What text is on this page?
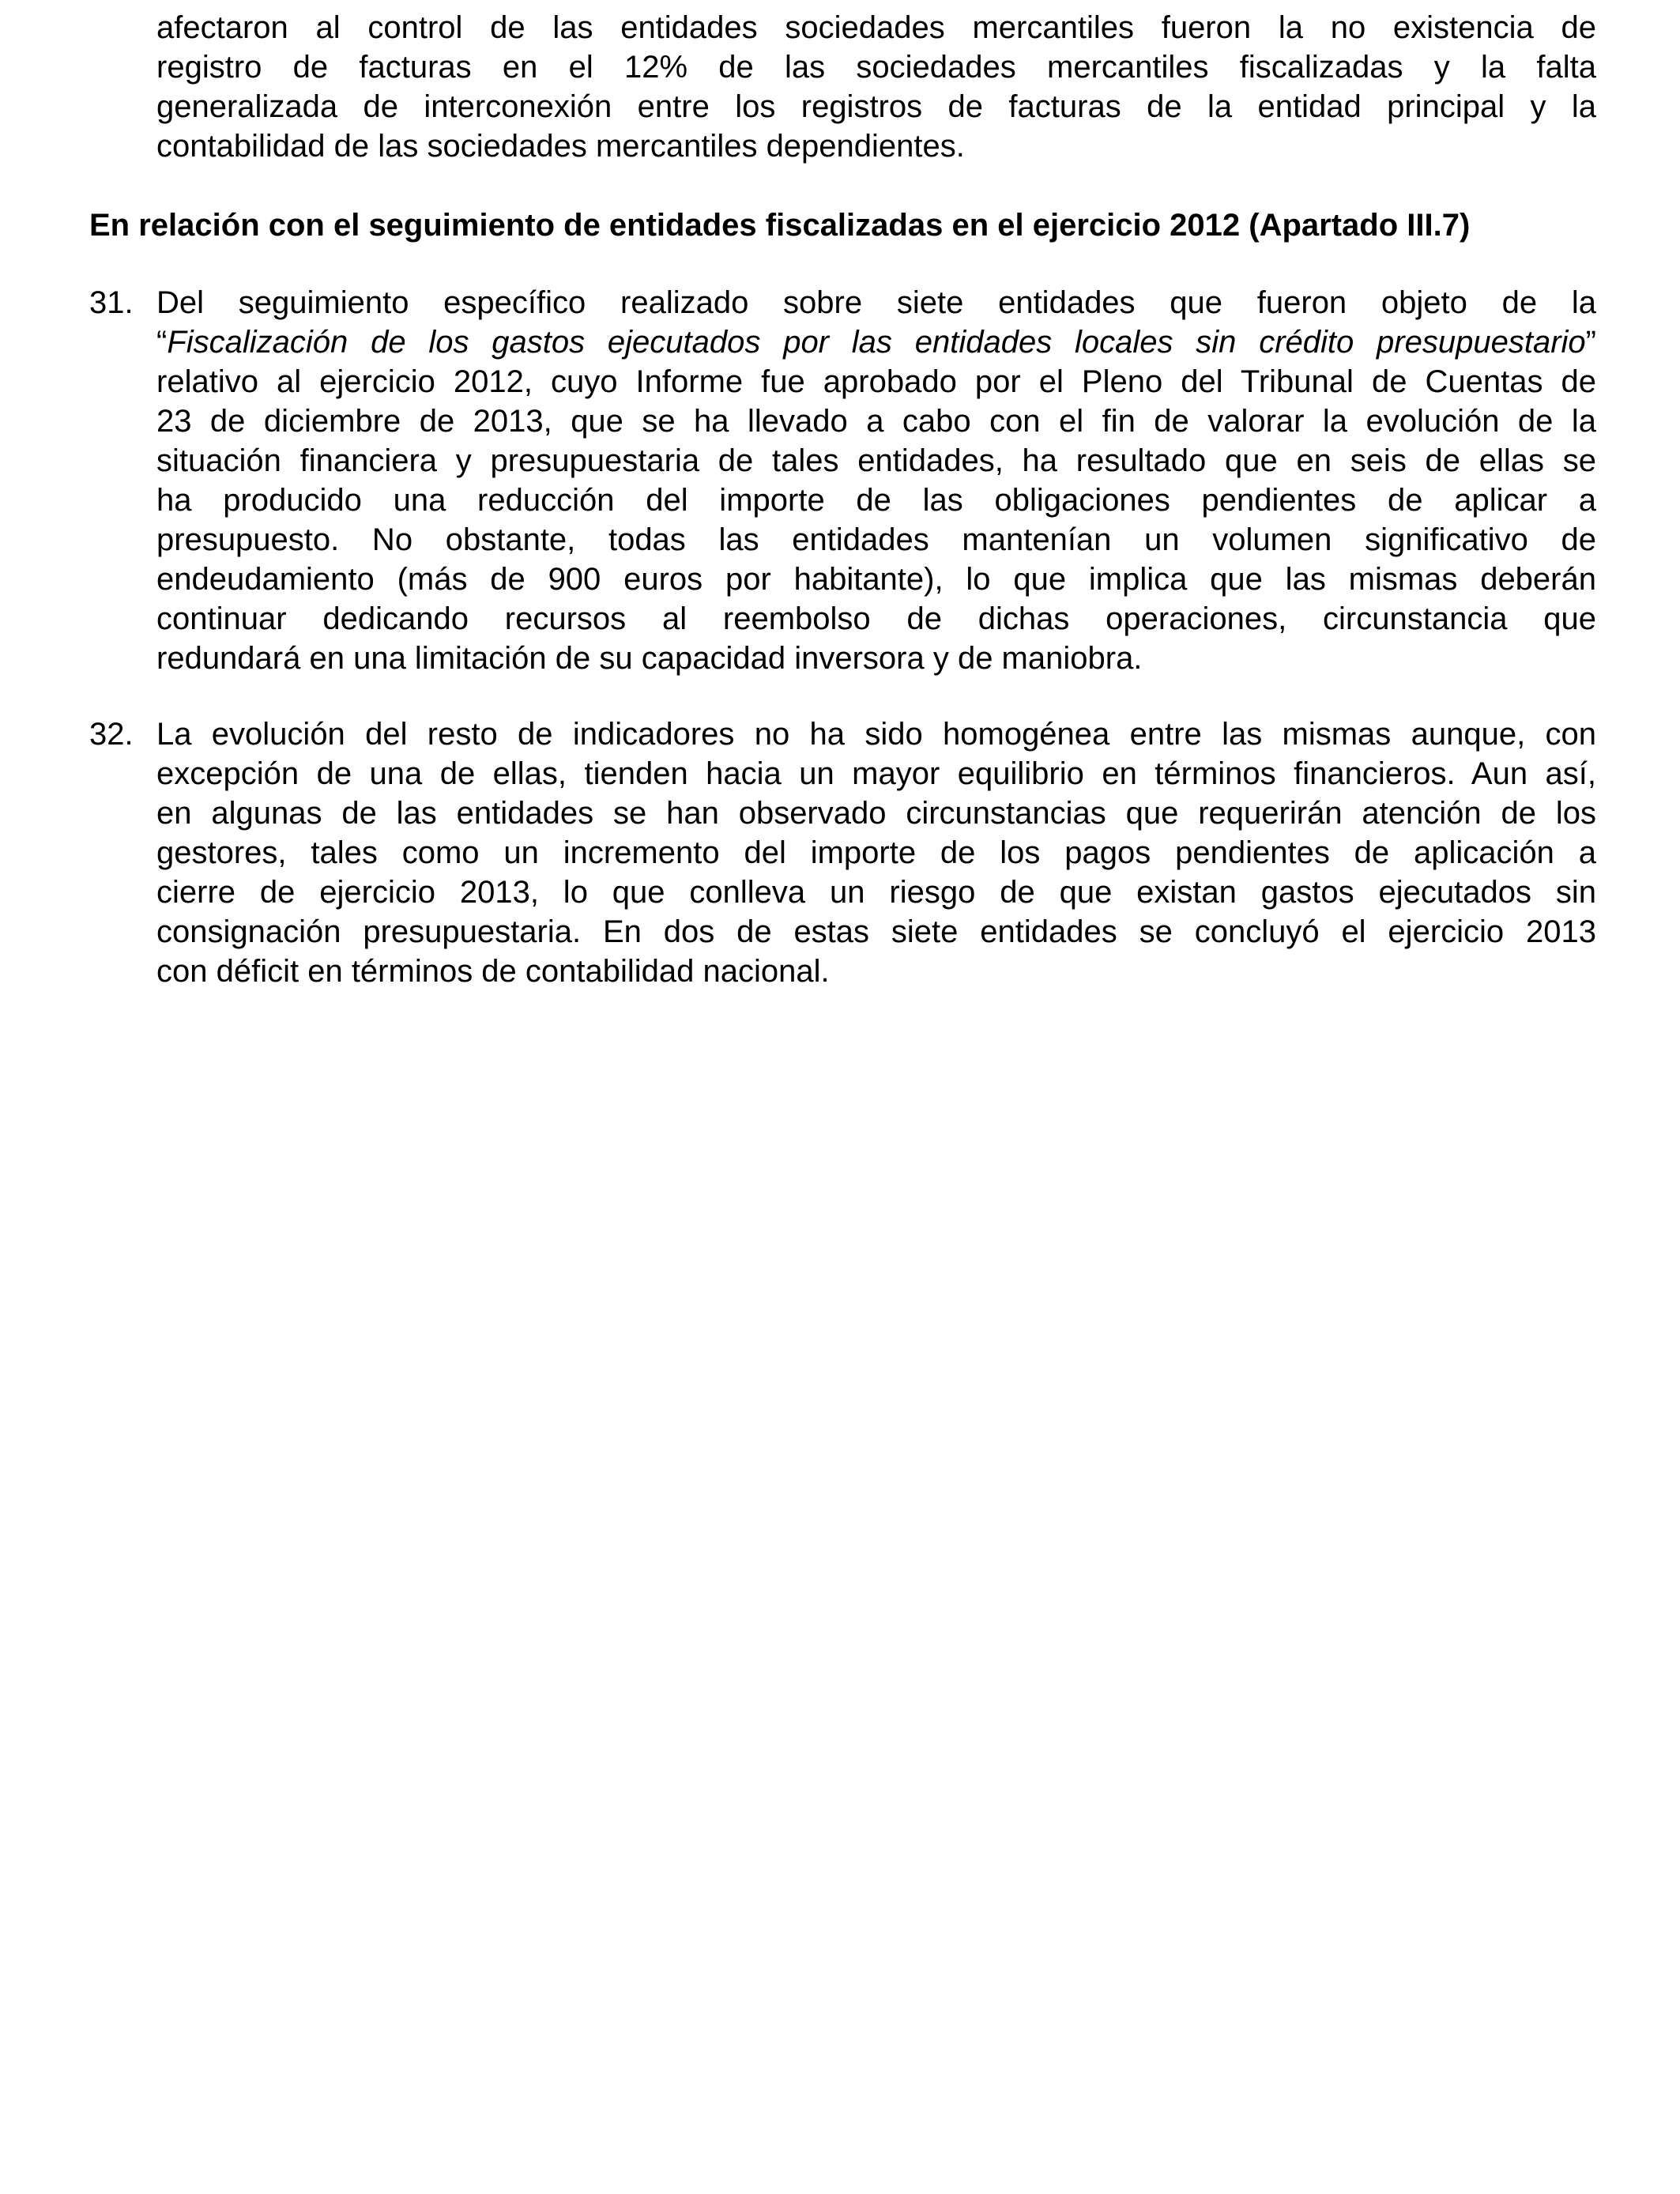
afectaron al control de las entidades sociedades mercantiles fueron la no existencia de
registro de facturas en el 12% de las sociedades mercantiles fiscalizadas y la falta
generalizada de interconexión entre los registros de facturas de la entidad principal y la
contabilidad de las sociedades mercantiles dependientes.

En relación con el seguimiento de entidades fiscalizadas en el ejercicio 2012 (Apartado III.7)

31. Del seguimiento específico realizado sobre siete entidades que fueron objeto de la
“Fiscalización de los gastos ejecutados por las entidades locales sin crédito presupuestario”
relativo al ejercicio 2012, cuyo Informe fue aprobado por el Pleno del Tribunal de Cuentas de
23 de diciembre de 2013, que se ha llevado a cabo con el fin de valorar la evolución de la
situación financiera y presupuestaria de tales entidades, ha resultado que en seis de ellas se
ha producido una reducción del importe de las obligaciones pendientes de aplicar a
presupuesto. No obstante, todas las entidades mantenían un volumen significativo de
endeudamiento (más de 900 euros por habitante), lo que implica que las mismas deberán
continuar dedicando recursos al reembolso de dichas operaciones, circunstancia que
redundará en una limitación de su capacidad inversora y de maniobra.

32. La evolución del resto de indicadores no ha sido homogénea entre las mismas aunque, con
excepción de una de ellas, tienden hacia un mayor equilibrio en términos financieros. Aun así,
en algunas de las entidades se han observado circunstancias que requerirán atención de los
gestores, tales como un incremento del importe de los pagos pendientes de aplicación a
cierre de ejercicio 2013, lo que conlleva un riesgo de que existan gastos ejecutados sin
consignación presupuestaria. En dos de estas siete entidades se concluyó el ejercicio 2013
con déficit en términos de contabilidad nacional.
